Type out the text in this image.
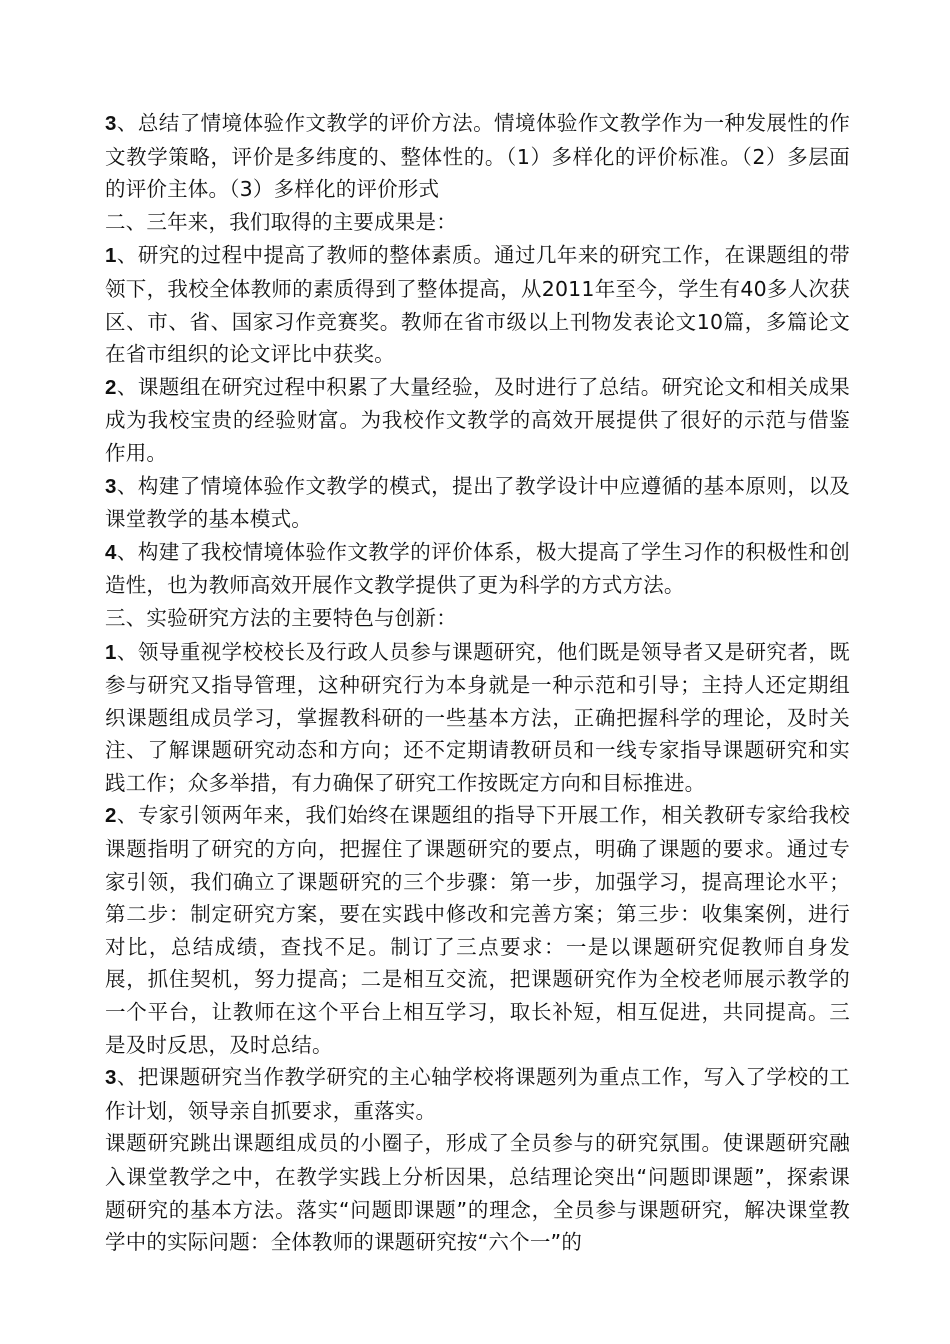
3、总结了情境体验作文教学的评价方法。情境体验作文教学作为一种发展性的作文教学策略，评价是多纬度的、整体性的。（1）多样化的评价标准。（2）多层面的评价主体。（3）多样化的评价形式

二、三年来，我们取得的主要成果是：

1、研究的过程中提高了教师的整体素质。通过几年来的研究工作，在课题组的带领下，我校全体教师的素质得到了整体提高，从2011年至今，学生有40多人次获区、市、省、国家习作竞赛奖。教师在省市级以上刊物发表论文10篇，多篇论文在省市组织的论文评比中获奖。

2、课题组在研究过程中积累了大量经验，及时进行了总结。研究论文和相关成果成为我校宝贵的经验财富。为我校作文教学的高效开展提供了很好的示范与借鉴作用。

3、构建了情境体验作文教学的模式，提出了教学设计中应遵循的基本原则，以及课堂教学的基本模式。

4、构建了我校情境体验作文教学的评价体系，极大提高了学生习作的积极性和创造性，也为教师高效开展作文教学提供了更为科学的方式方法。

三、实验研究方法的主要特色与创新：

1、领导重视学校校长及行政人员参与课题研究，他们既是领导者又是研究者，既参与研究又指导管理，这种研究行为本身就是一种示范和引导；主持人还定期组织课题组成员学习，掌握教科研的一些基本方法，正确把握科学的理论，及时关注、了解课题研究动态和方向；还不定期请教研员和一线专家指导课题研究和实践工作；众多举措，有力确保了研究工作按既定方向和目标推进。

2、专家引领两年来，我们始终在课题组的指导下开展工作，相关教研专家给我校课题指明了研究的方向，把握住了课题研究的要点，明确了课题的要求。通过专家引领，我们确立了课题研究的三个步骤：第一步，加强学习，提高理论水平；第二步：制定研究方案，要在实践中修改和完善方案；第三步：收集案例，进行对比，总结成绩，查找不足。制订了三点要求：一是以课题研究促教师自身发展，抓住契机，努力提高；二是相互交流，把课题研究作为全校老师展示教学的一个平台，让教师在这个平台上相互学习，取长补短，相互促进，共同提高。三是及时反思，及时总结。

3、把课题研究当作教学研究的主心轴学校将课题列为重点工作，写入了学校的工作计划，领导亲自抓要求，重落实。

课题研究跳出课题组成员的小圈子，形成了全员参与的研究氛围。使课题研究融入课堂教学之中，在教学实践上分析因果，总结理论突出“问题即课题”，探索课题研究的基本方法。落实“问题即课题”的理念，全员参与课题研究，解决课堂教学中的实际问题：全体教师的课题研究按“六个一”的
